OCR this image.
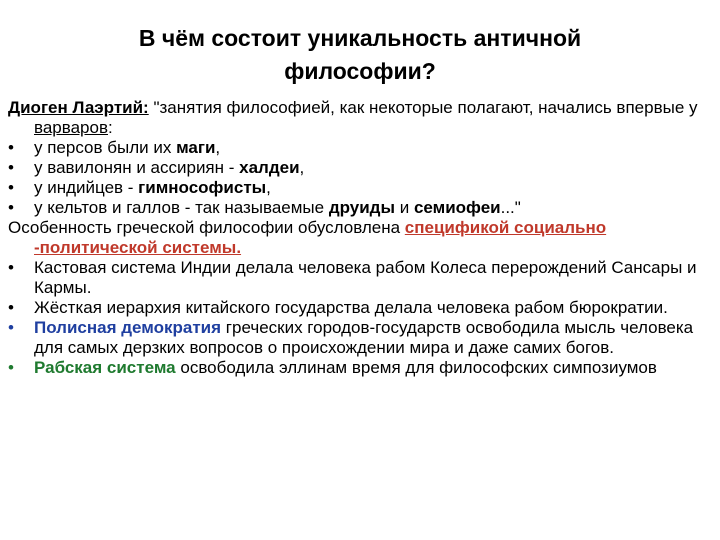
В чём состоит уникальность античной
философии?

Диоген Лаэртий: "занятия философией, как некоторые полагают, начались впервые у варваров:

• у персов были их маги,

• у вавилонян и ассириян - халдеи,

• у индийцев - гимнософисты,

• у кельтов и галлов - так называемые друиды и семиофеи..."

Особенность греческой философии обусловлена спецификой социально -политической системы.

• Кастовая система Индии делала человека рабом Колеса перерождений Сансары и Кармы.

• Жёсткая иерархия китайского государства делала человека рабом бюрократии.

• Полисная демократия греческих городов-государств освободила мысль человека для самых дерзких вопросов о происхождении мира и даже самих богов.

• Рабская система освободила эллинам время для философских симпозиумов
